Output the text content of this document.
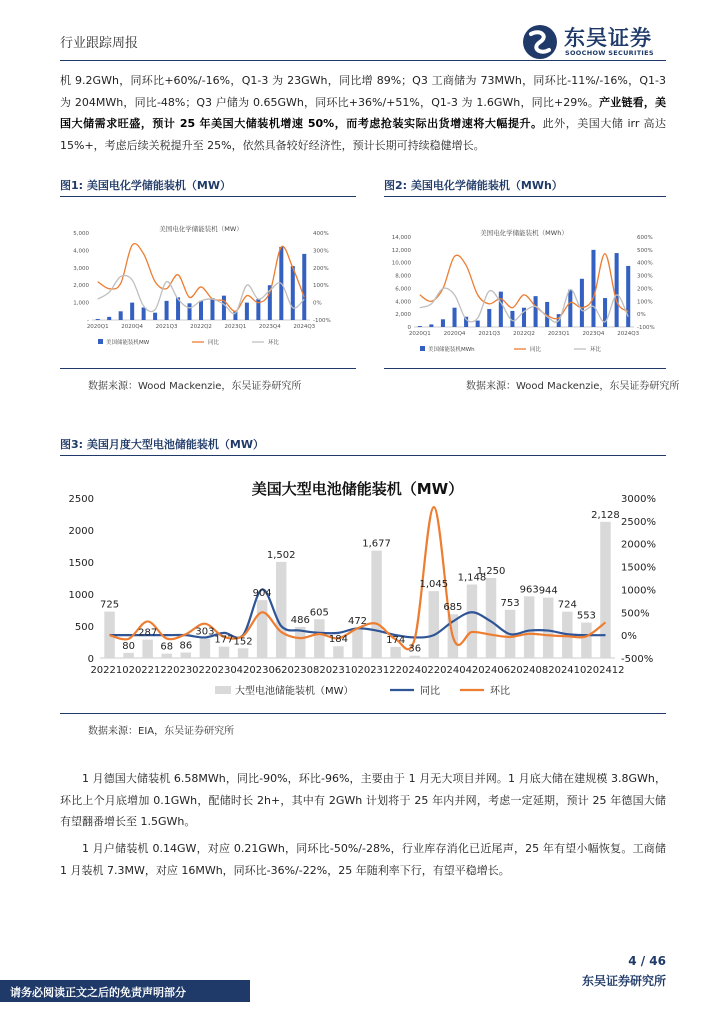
行业跟踪周报	东吴证券
SOOCHOW SECURITIES
机 9.2GWh，同环比+60%/-16%，Q1-3 为 23GWh，同比增 89%；Q3 工商储为 73MWh，同环比-11%/-16%，Q1-3 为 204MWh，同比-48%；Q3 户储为 0.65GWh，同环比+36%/+51%，Q1-3 为 1.6GWh，同比+29%。产业链看，美国大储需求旺盛，预计 25 年美国大储装机增速 50%，而考虑抢装实际出货增速将大幅提升。此外，美国大储 irr 高达 15%+，考虑后续关税提升至 25%，依然具备较好经济性，预计长期可持续稳健增长。
图1: 美国电化学储能装机（MW）	图2: 美国电化学储能装机（MWh）
美国电化学储能装机（MW）
-
1,000
2,000
3,000
4,000
5,000
-100%
0%
100%
200%
300%
400%
2020Q1 2020Q4 2021Q3 2022Q2 2023Q1 2023Q4 2024Q3
美国储能装机MW	同比	环比
美国电化学储能装机（MWh）
0
2,000
4,000
6,000
8,000
10,000
12,000
14,000
-100%
0%
100%
200%
300%
400%
500%
600%
2020Q1 2020Q4 2021Q3 2022Q2 2023Q1 2023Q4 2024Q3
美国储能装机MWh	同比	环比
数据来源：Wood Mackenzie，东吴证券研究所	数据来源：Wood Mackenzie，东吴证券研究所
图3: 美国月度大型电池储能装机（MW）
美国大型电池储能装机（MW）
0
500
1000
1500
2000
2500
-500%
0%
500%
1000%
1500%
2000%
2500%
3000%
725
80
287
68 86
303
177 152
904
1,502
486
605
184
472
1,677
174
36
1,045
685
1,148
1,250
753
963 944
724
553
2,128
202210 202212 202302 202304 202306 202308 202310 202312 202402 202404 202406 202408 202410 202412
大型电池储能装机（MW）	同比	环比
数据来源：EIA，东吴证券研究所
1 月德国大储装机 6.58MWh，同比-90%，环比-96%，主要由于 1 月无大项目并网。1 月底大储在建规模 3.8GWh，环比上个月底增加 0.1GWh，配储时长 2h+，其中有 2GWh 计划将于 25 年内并网，考虑一定延期，预计 25 年德国大储有望翻番增长至 1.5GWh。
1 月户储装机 0.14GW，对应 0.21GWh，同环比-50%/-28%，行业库存消化已近尾声，25 年有望小幅恢复。工商储 1 月装机 7.3MW，对应 16MWh，同环比-36%/-22%，25 年随利率下行，有望平稳增长。
4 / 46
请务必阅读正文之后的免责声明部分
东吴证券研究所
